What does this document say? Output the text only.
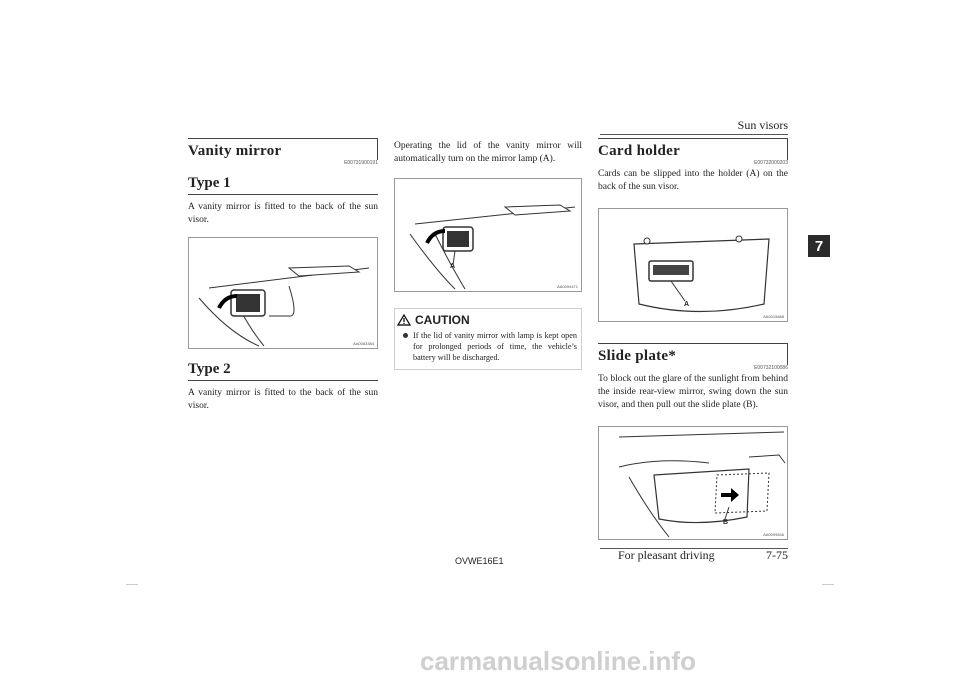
Sun visors
7
Vanity mirror
E00731900191
Type 1
A vanity mirror is fitted to the back of the sun visor.
AA0083384
Type 2
A vanity mirror is fitted to the back of the sun visor.
Operating the lid of the vanity mirror will automatically turn on the mirror lamp (A).
A
AA0094471
CAUTION
If the lid of vanity mirror with lamp is kept open for prolonged periods of time, the vehicle’s battery will be discharged.
Card holder
E00732000203
Cards can be slipped into the holder (A) on the back of the sun visor.
A
AA0015888
Slide plate*
E00732100086
To block out the glare of the sunlight from behind the inside rear-view mirror, swing down the sun visor, and then pull out the slide plate (B).
B
AA0099646
OVWE16E1	For pleasant driving	7-75
carmanualsonline.info
